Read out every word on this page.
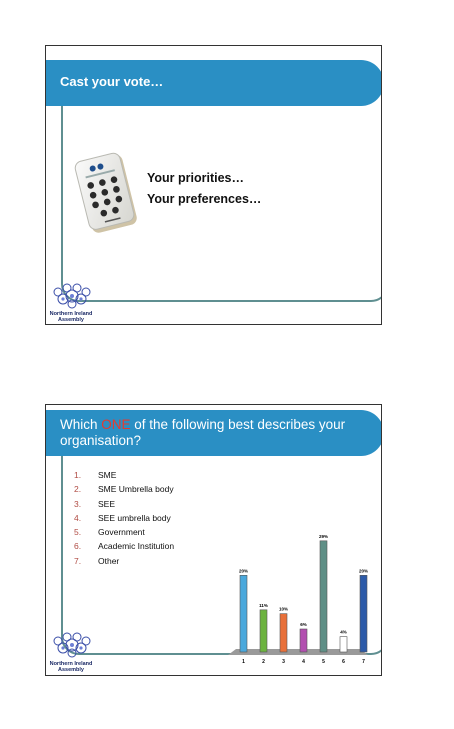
Cast your vote…
Your priorities…
Your preferences…
Northern Ireland
Assembly
Which ONE of the following best describes your organisation?
1.	SME
2.	SME Umbrella body
3.	SEE
4.	SEE umbrella body
5.	Government
6.	Academic Institution
7.	Other
20%
1
11%
2
10%
3
6%
4
29%
5
4%
6
20%
7
Northern Ireland
Assembly
